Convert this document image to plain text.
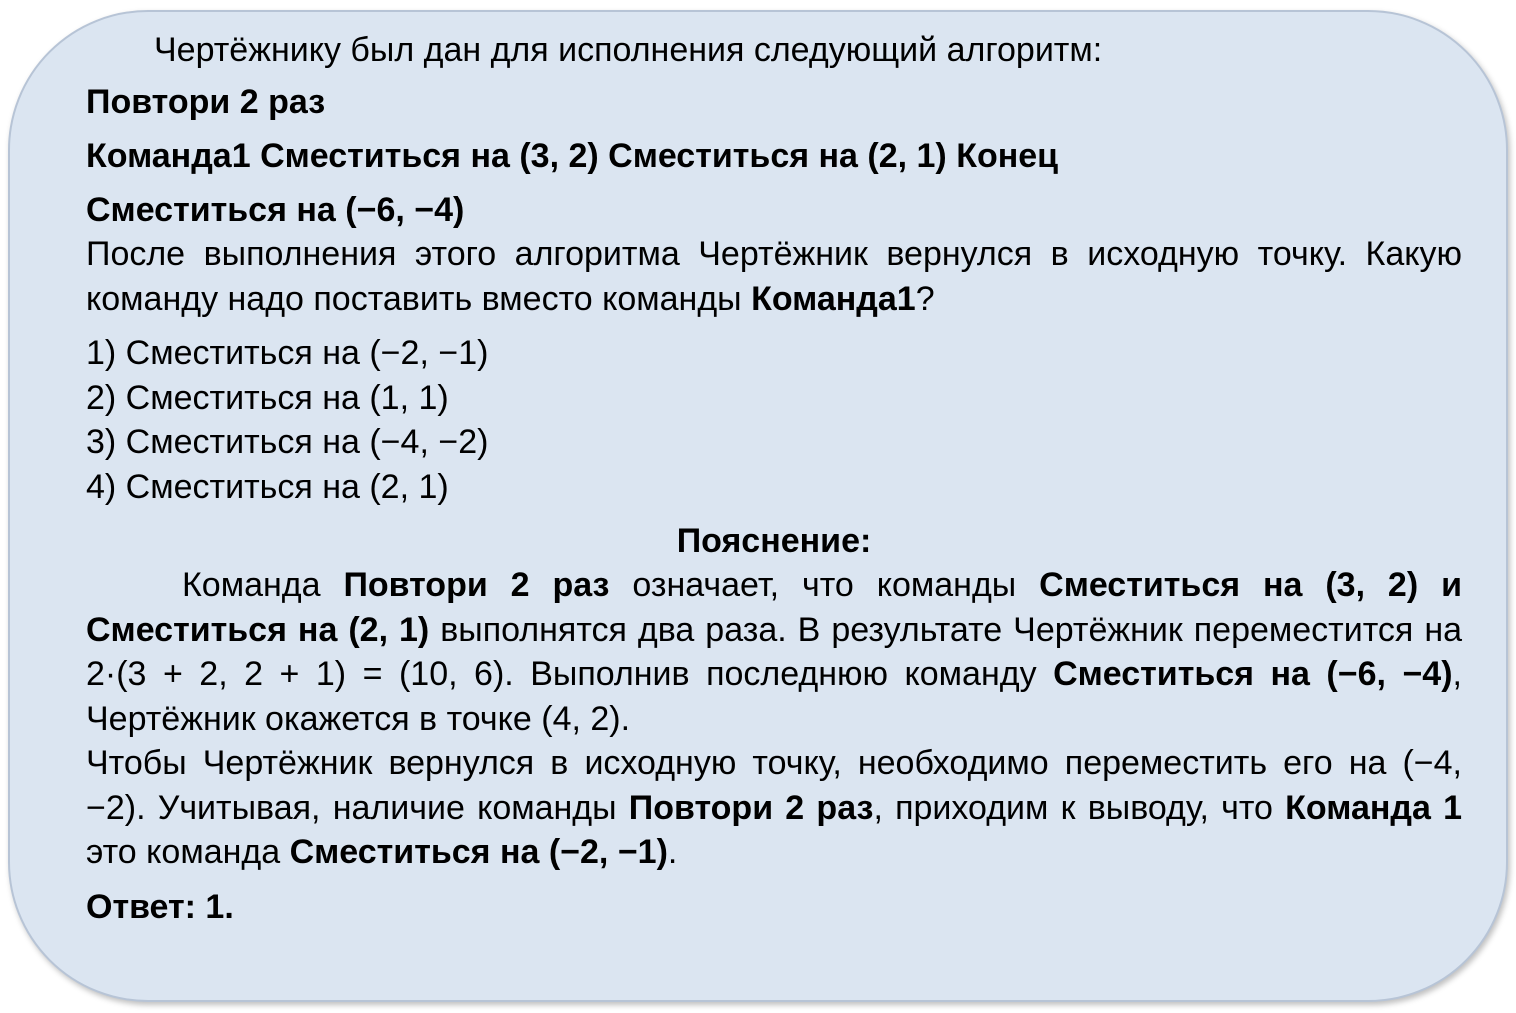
Чертёжнику был дан для исполнения следующий алгоритм:

Повтори 2 раз

Команда1 Сместиться на (3, 2) Сместиться на (2, 1) Конец

Сместиться на (−6, −4)

После выполнения этого алгоритма Чертёжник вернулся в исходную точку. Какую команду надо поставить вместо команды Команда1?

1) Сместиться на (−2, −1)

2) Сместиться на (1, 1)

3) Сместиться на (−4, −2)

4) Сместиться на (2, 1)

Пояснение:

Команда Повтори 2 раз означает, что команды Сместиться на (3, 2) и Сместиться на (2, 1) выполнятся два раза. В результате Чертёжник переместится на 2·(3 + 2, 2 + 1) = (10, 6). Выполнив последнюю команду Сместиться на (−6, −4), Чертёжник окажется в точке (4, 2).

Чтобы Чертёжник вернулся в исходную точку, необходимо переместить его на (−4, −2). Учитывая, наличие команды Повтори 2 раз, приходим к выводу, что Команда 1 это команда Сместиться на (−2, −1).

Ответ: 1.
